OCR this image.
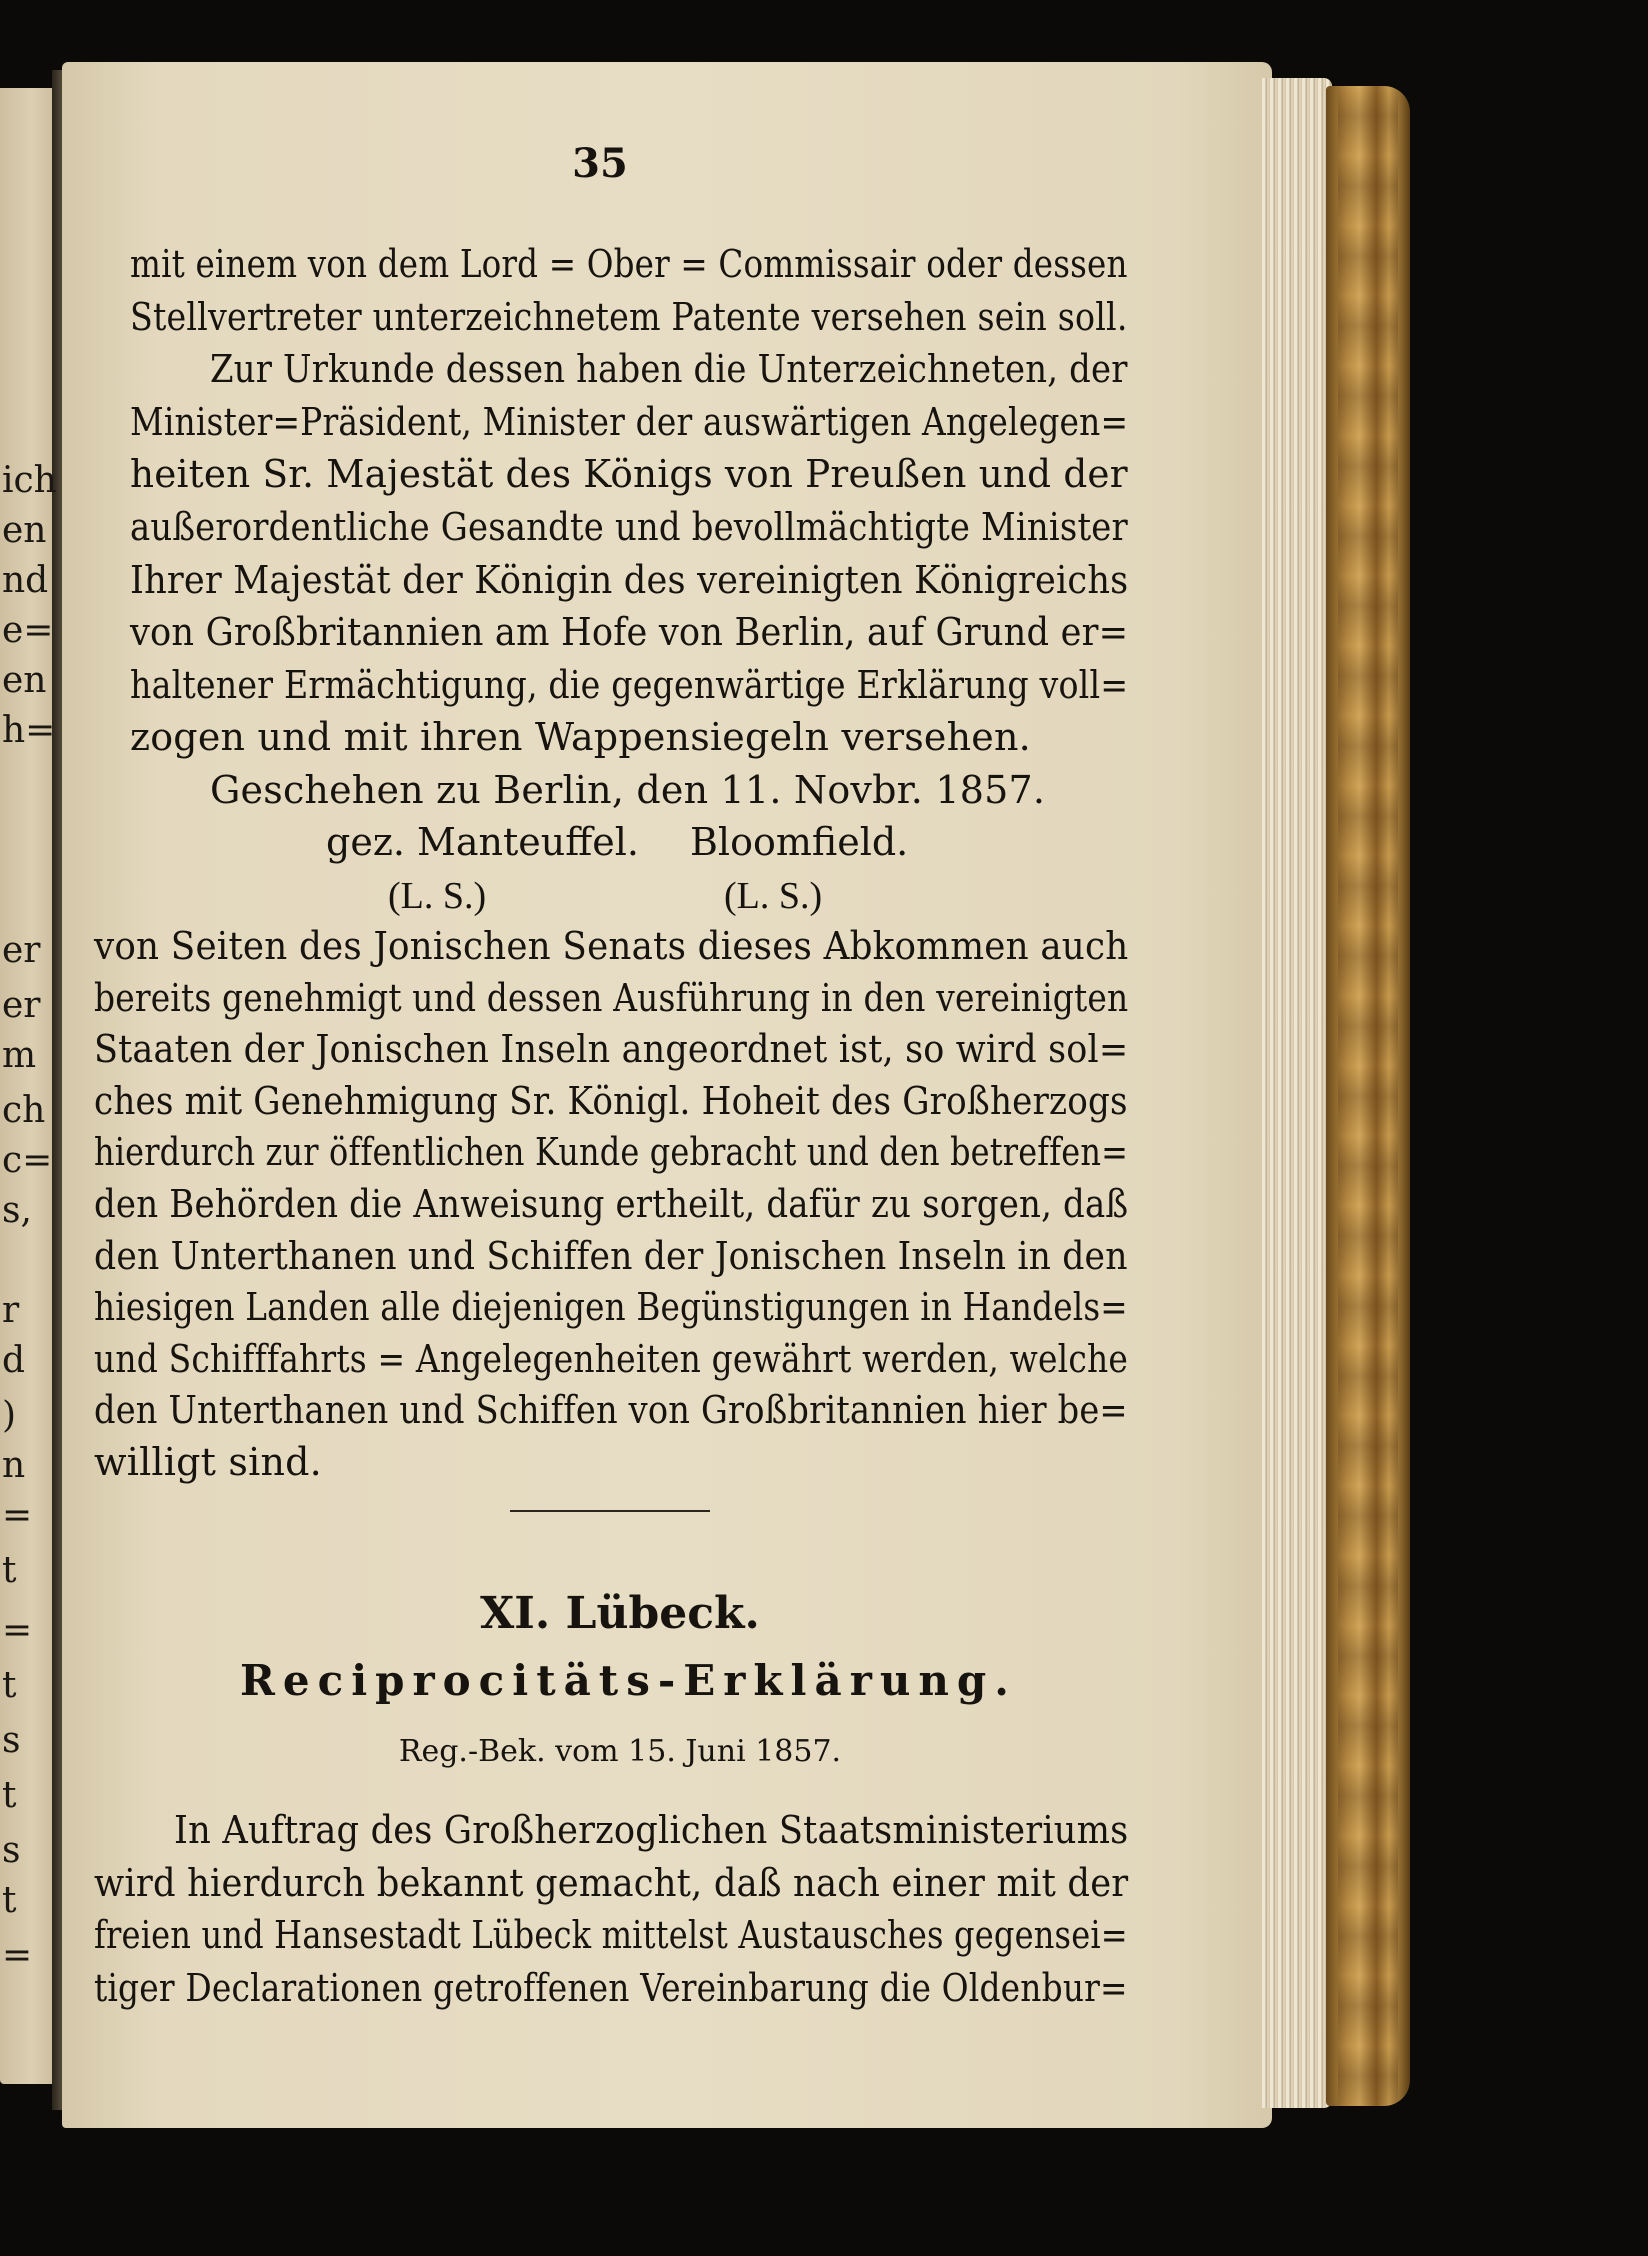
35
ich
en
nd
e=
en
h=
er
er
m
ch
c=
s,
r
d
)
n
=
t
=
t
s
t
s
t
=
mit einem von dem Lord = Ober = Commissair oder dessen
Stellvertreter unterzeichnetem Patente versehen sein soll.
Zur Urkunde dessen haben die Unterzeichneten, der
Minister=Präsident, Minister der auswärtigen Angelegen=
heiten Sr. Majestät des Königs von Preußen und der
außerordentliche Gesandte und bevollmächtigte Minister
Ihrer Majestät der Königin des vereinigten Königreichs
von Großbritannien am Hofe von Berlin, auf Grund er=
haltener Ermächtigung, die gegenwärtige Erklärung voll=
zogen und mit ihren Wappensiegeln versehen.
Geschehen zu Berlin, den 11. Novbr. 1857.
gez. Manteuffel. Bloomfield.
(L. S.)	(L. S.)
von Seiten des Jonischen Senats dieses Abkommen auch
bereits genehmigt und dessen Ausführung in den vereinigten
Staaten der Jonischen Inseln angeordnet ist, so wird sol=
ches mit Genehmigung Sr. Königl. Hoheit des Großherzogs
hierdurch zur öffentlichen Kunde gebracht und den betreffen=
den Behörden die Anweisung ertheilt, dafür zu sorgen, daß
den Unterthanen und Schiffen der Jonischen Inseln in den
hiesigen Landen alle diejenigen Begünstigungen in Handels=
und Schifffahrts = Angelegenheiten gewährt werden, welche
den Unterthanen und Schiffen von Großbritannien hier be=
willigt sind.
XI. Lübeck.
Reciprocitäts-Erklärung.
Reg.-Bek. vom 15. Juni 1857.
In Auftrag des Großherzoglichen Staatsministeriums
wird hierdurch bekannt gemacht, daß nach einer mit der
freien und Hansestadt Lübeck mittelst Austausches gegensei=
tiger Declarationen getroffenen Vereinbarung die Oldenbur=
